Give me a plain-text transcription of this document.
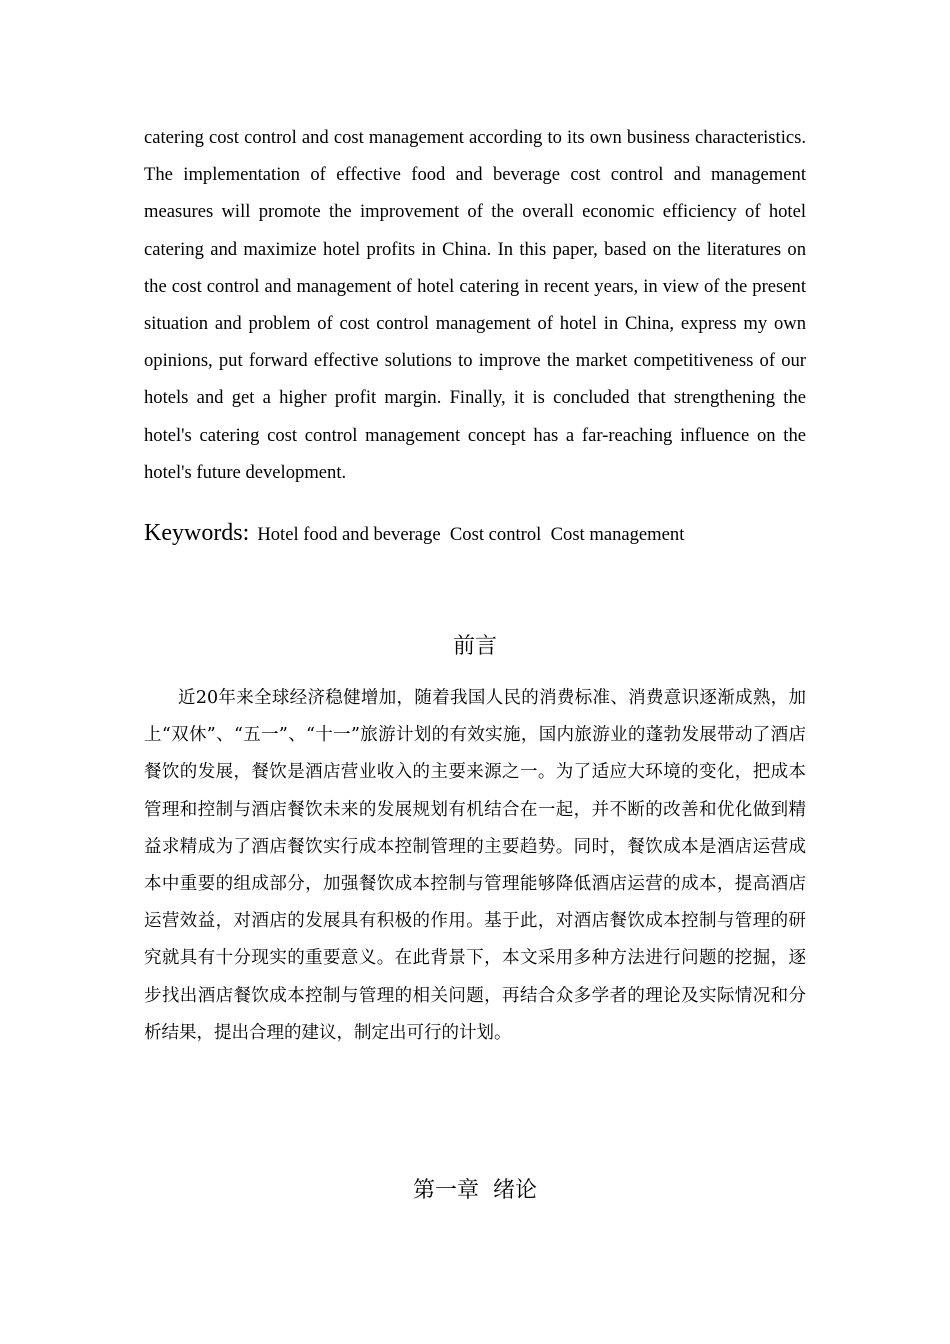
catering cost control and cost management according to its own business characteristics. The implementation of effective food and beverage cost control and management measures will promote the improvement of the overall economic efficiency of hotel catering and maximize hotel profits in China. In this paper, based on the literatures on the cost control and management of hotel catering in recent years, in view of the present situation and problem of cost control management of hotel in China, express my own opinions, put forward effective solutions to improve the market competitiveness of our hotels and get a higher profit margin. Finally, it is concluded that strengthening the hotel's catering cost control management concept has a far-reaching influence on the hotel's future development.

Keywords: Hotel food and beverage  Cost control  Cost management
前言

近20年来全球经济稳健增加，随着我国人民的消费标准、消费意识逐渐成熟，加上“双休”、“五一”、“十一”旅游计划的有效实施，国内旅游业的蓬勃发展带动了酒店餐饮的发展，餐饮是酒店营业收入的主要来源之一。为了适应大环境的变化，把成本管理和控制与酒店餐饮未来的发展规划有机结合在一起，并不断的改善和优化做到精益求精成为了酒店餐饮实行成本控制管理的主要趋势。同时，餐饮成本是酒店运营成本中重要的组成部分，加强餐饮成本控制与管理能够降低酒店运营的成本，提高酒店运营效益，对酒店的发展具有积极的作用。基于此，对酒店餐饮成本控制与管理的研究就具有十分现实的重要意义。在此背景下，本文采用多种方法进行问题的挖掘，逐步找出酒店餐饮成本控制与管理的相关问题，再结合众多学者的理论及实际情况和分析结果，提出合理的建议，制定出可行的计划。

第一章  绪论
